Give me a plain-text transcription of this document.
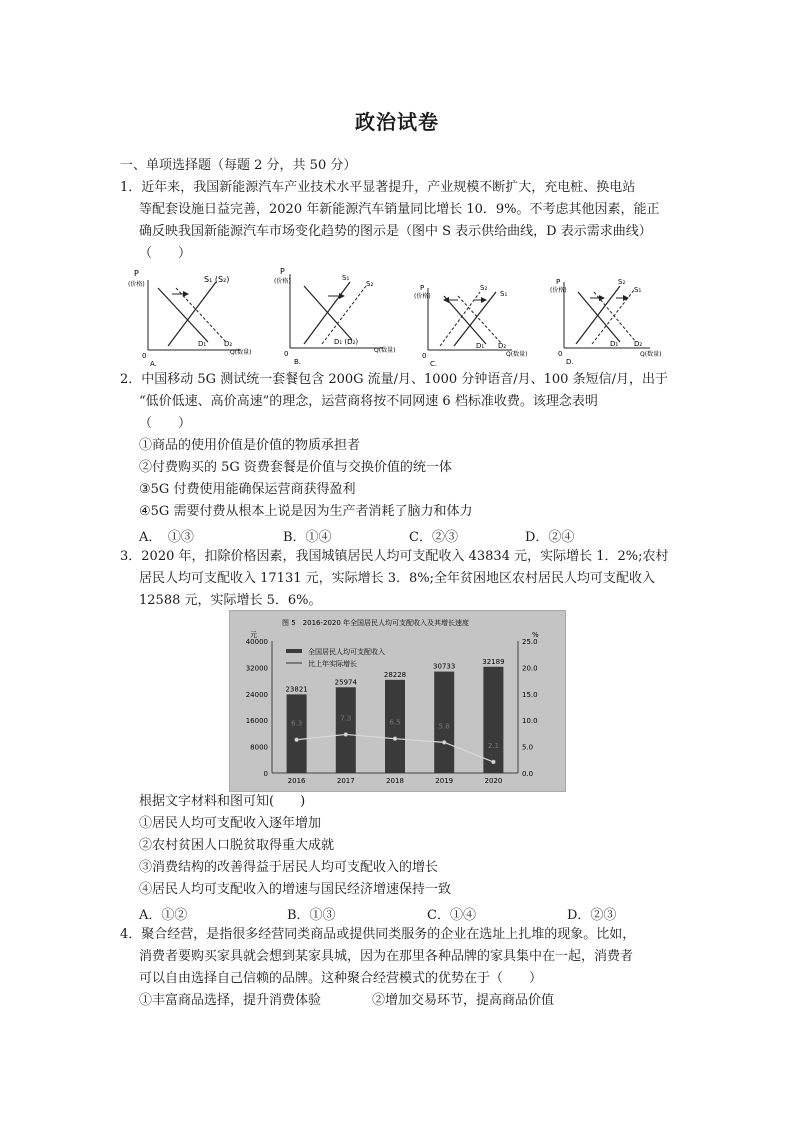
政治试卷
一、单项选择题（每题 2 分，共 50 分）
1．近年来，我国新能源汽车产业技术水平显著提升，产业规模不断扩大，充电桩、换电站
等配套设施日益完善，2020 年新能源汽车销量同比增长 10．9%。不考虑其他因素，能正
确反映我国新能源汽车市场变化趋势的图示是（图中 S 表示供给曲线，D 表示需求曲线）
（　　）
P
(价格)
S₁ (S₂)
D₁	D₂
Q(数量)
0
A.
P
(价格)	S₁
S₂
D₁ (D₂)
Q(数量)
0
B.
P
(价格)
S₂
S₁
D₁ D₂
Q(数量)
0
C.
P
(价格)
S₂
S₁
D₁ D₂
Q(数量)
0
D.
2．中国移动 5G 测试统一套餐包含 200G 流量/月、1000 分钟语音/月、100 条短信/月，出于
“低价低速、高价高速”的理念，运营商将按不同网速 6 档标准收费。该理念表明
（　　）
①商品的使用价值是价值的物质承担者
②付费购买的 5G 资费套餐是价值与交换价值的统一体
③5G 付费使用能确保运营商获得盈利
④5G 需要付费从根本上说是因为生产者消耗了脑力和体力
A．　①③	B．①④	C．②③	D．②④
3．2020 年，扣除价格因素，我国城镇居民人均可支配收入 43834 元，实际增长 1．2%;农村
居民人均可支配收入 17131 元，实际增长 3．8%;全年贫困地区农村居民人均可支配收入
12588 元，实际增长 5．6%。
图 5　2016-2020 年全国居民人均可支配收入及其增长速度
元	%
全国居民人均可支配收入
比上年实际增长
0
8000
16000
24000
32000
40000
0.0
5.0
10.0
15.0
20.0
25.0
23821
2016
6.3
25974
2017
7.3
28228
2018
6.5
30733
2019
5.8
32189
2020
2.1
根据文字材料和图可知(　　)
①居民人均可支配收入逐年增加
②农村贫困人口脱贫取得重大成就
③消费结构的改善得益于居民人均可支配收入的增长
④居民人均可支配收入的增速与国民经济增速保持一致
A．①②	B．①③	C．①④	D．②③
4．聚合经营，是指很多经营同类商品或提供同类服务的企业在选址上扎堆的现象。比如，
消费者要购买家具就会想到某家具城，因为在那里各种品牌的家具集中在一起，消费者
可以自由选择自己信赖的品牌。这种聚合经营模式的优势在于（　　）
①丰富商品选择，提升消费体验	②增加交易环节，提高商品价值
